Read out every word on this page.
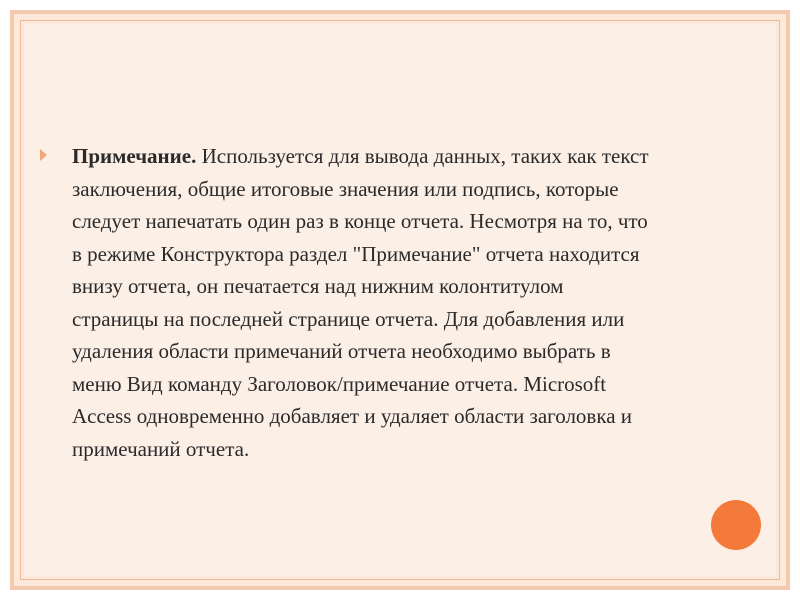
Примечание. Используется для вывода данных, таких как текст заключения, общие итоговые значения или подпись, которые следует напечатать один раз в конце отчета. Несмотря на то, что в режиме Конструктора раздел "Примечание" отчета находится внизу отчета, он печатается над нижним колонтитулом страницы на последней странице отчета. Для добавления или удаления области примечаний отчета необходимо выбрать в меню Вид команду Заголовок/примечание отчета. Microsoft Access одновременно добавляет и удаляет области заголовка и примечаний отчета.
